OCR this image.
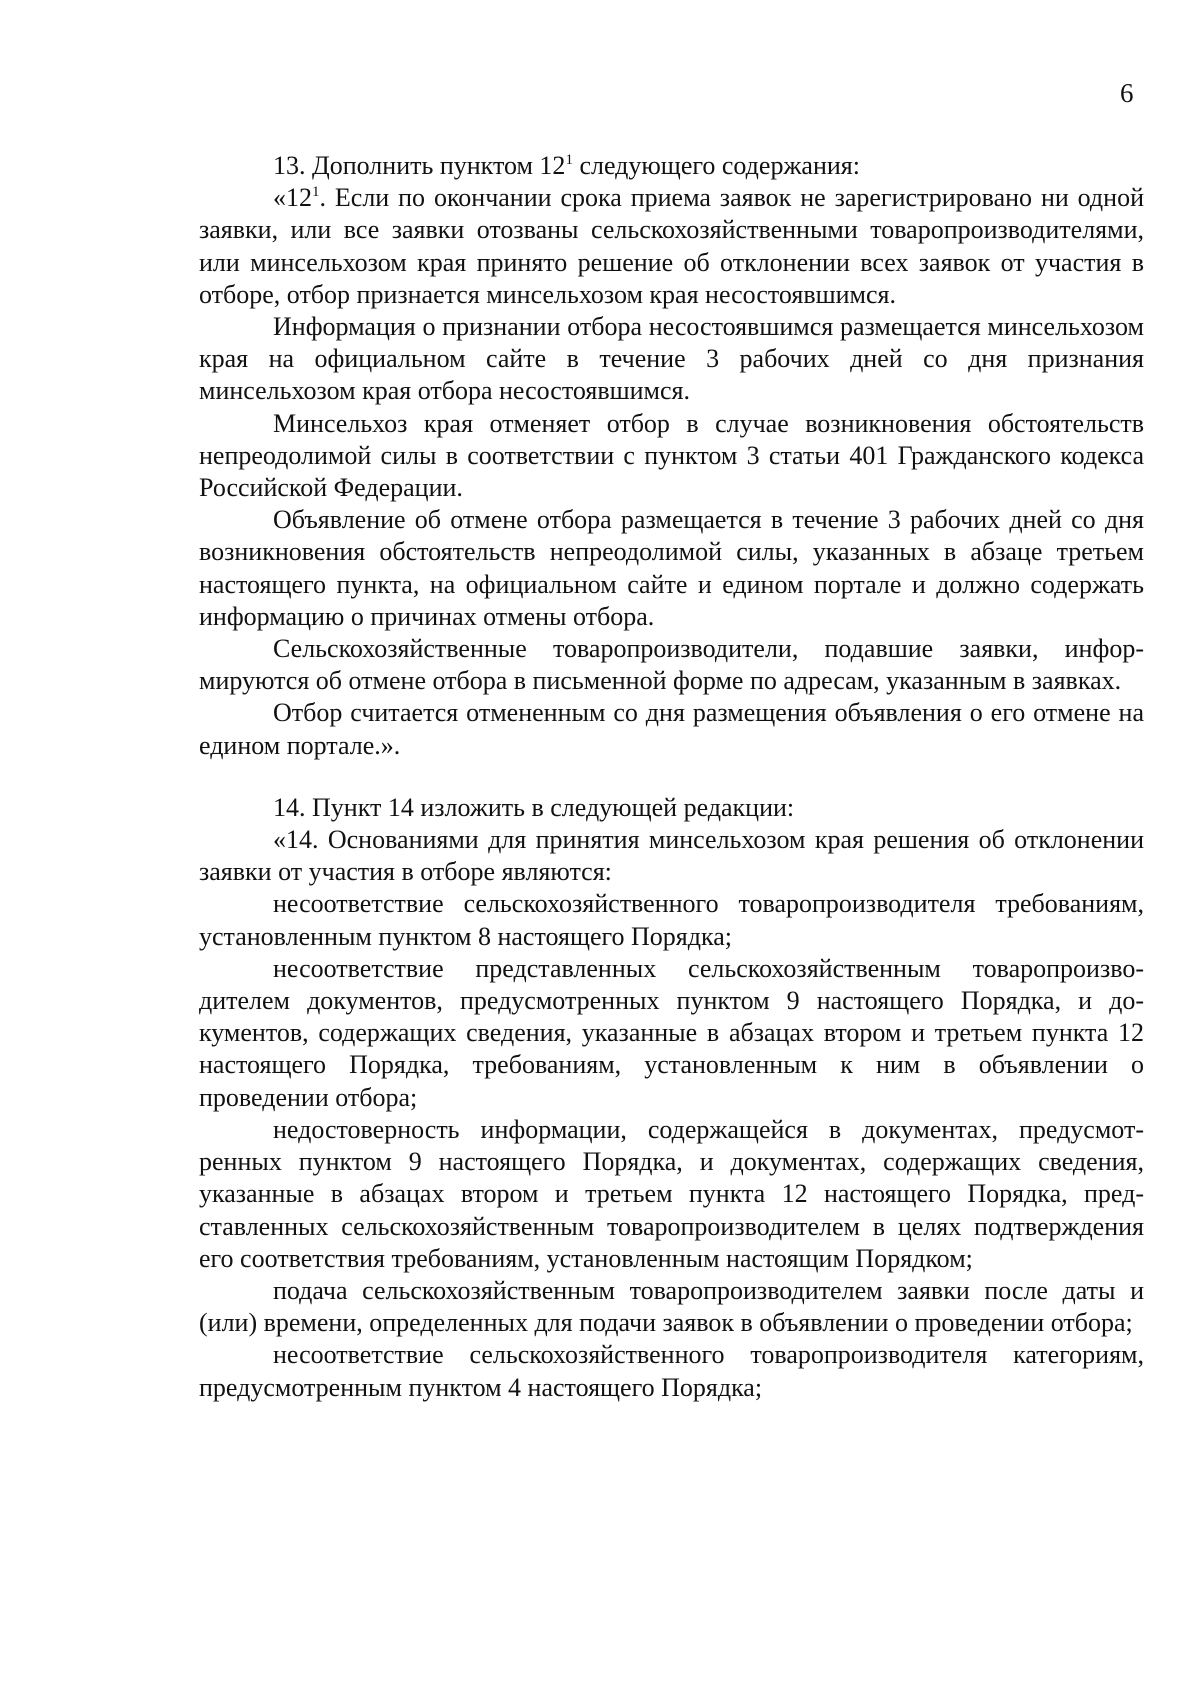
6

13. Дополнить пунктом $12^1$ следующего содержания:

«$12^1$. Если по окончании срока приема заявок не зарегистрировано ни одной заявки, или все заявки отозваны сельскохозяйственными товаропроизводителями, или минсельхозом края принято решение об отклонении всех заявок от участия в отборе, отбор признается минсельхозом края несостоявшимся.

Информация о признании отбора несостоявшимся размещается минсельхозом края на официальном сайте в течение 3 рабочих дней со дня признания минсельхозом края отбора несостоявшимся.

Минсельхоз края отменяет отбор в случае возникновения обстоятельств непреодолимой силы в соответствии с пунктом 3 статьи 401 Гражданского кодекса Российской Федерации.

Объявление об отмене отбора размещается в течение 3 рабочих дней со дня возникновения обстоятельств непреодолимой силы, указанных в абзаце третьем настоящего пункта, на официальном сайте и едином портале и должно содержать информацию о причинах отмены отбора.

Сельскохозяйственные товаропроизводители, подавшие заявки, информируются об отмене отбора в письменной форме по адресам, указанным в заявках.

Отбор считается отмененным со дня размещения объявления о его отмене на едином портале.».

14. Пункт 14 изложить в следующей редакции:

«14. Основаниями для принятия минсельхозом края решения об отклонении заявки от участия в отборе являются:

несоответствие сельскохозяйственного товаропроизводителя требованиям, установленным пунктом 8 настоящего Порядка;

несоответствие представленных сельскохозяйственным товаропроизводителем документов, предусмотренных пунктом 9 настоящего Порядка, и документов, содержащих сведения, указанные в абзацах втором и третьем пункта 12 настоящего Порядка, требованиям, установленным к ним в объявлении о проведении отбора;

недостоверность информации, содержащейся в документах, предусмотренных пунктом 9 настоящего Порядка, и документах, содержащих сведения, указанные в абзацах втором и третьем пункта 12 настоящего Порядка, представленных сельскохозяйственным товаропроизводителем в целях подтверждения его соответствия требованиям, установленным настоящим Порядком;

подача сельскохозяйственным товаропроизводителем заявки после даты и (или) времени, определенных для подачи заявок в объявлении о проведении отбора;

несоответствие сельскохозяйственного товаропроизводителя категориям, предусмотренным пунктом 4 настоящего Порядка;
